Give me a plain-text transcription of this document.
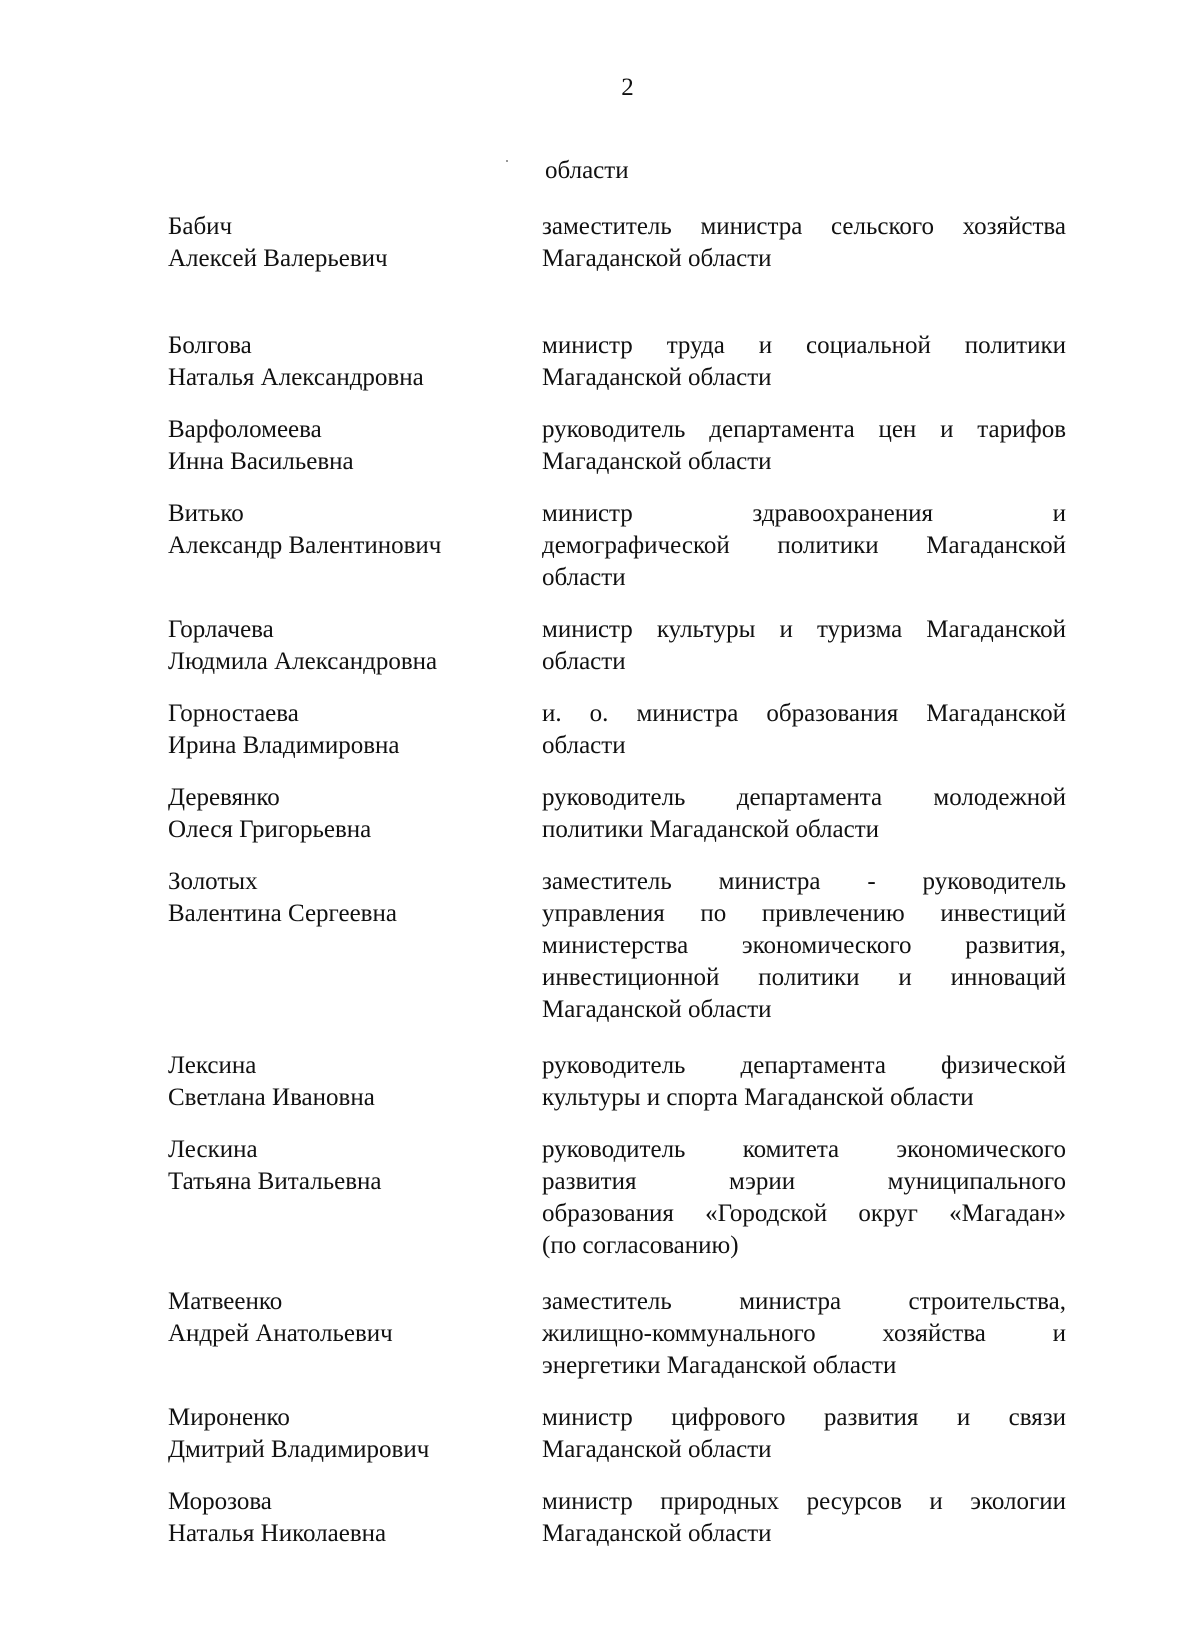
2
области
Бабич
Алексей Валерьевич
заместитель министра сельского хозяйства
Магаданской области
Болгова
Наталья Александровна
министр труда и социальной политики
Магаданской области
Варфоломеева
Инна Васильевна
руководитель департамента цен и тарифов
Магаданской области
Витько
Александр Валентинович
министр здравоохранения и
демографической политики Магаданской
области
Горлачева
Людмила Александровна
министр культуры и туризма Магаданской
области
Горностаева
Ирина Владимировна
и. о. министра образования Магаданской
области
Деревянко
Олеся Григорьевна
руководитель департамента молодежной
политики Магаданской области
Золотых
Валентина Сергеевна
заместитель министра - руководитель
управления по привлечению инвестиций
министерства экономического развития,
инвестиционной политики и инноваций
Магаданской области
Лексина
Светлана Ивановна
руководитель департамента физической
культуры и спорта Магаданской области
Лескина
Татьяна Витальевна
руководитель комитета экономического
развития мэрии муниципального
образования «Городской округ «Магадан»
(по согласованию)
Матвеенко
Андрей Анатольевич
заместитель министра строительства,
жилищно-коммунального хозяйства и
энергетики Магаданской области
Мироненко
Дмитрий Владимирович
министр цифрового развития и связи
Магаданской области
Морозова
Наталья Николаевна
министр природных ресурсов и экологии
Магаданской области
